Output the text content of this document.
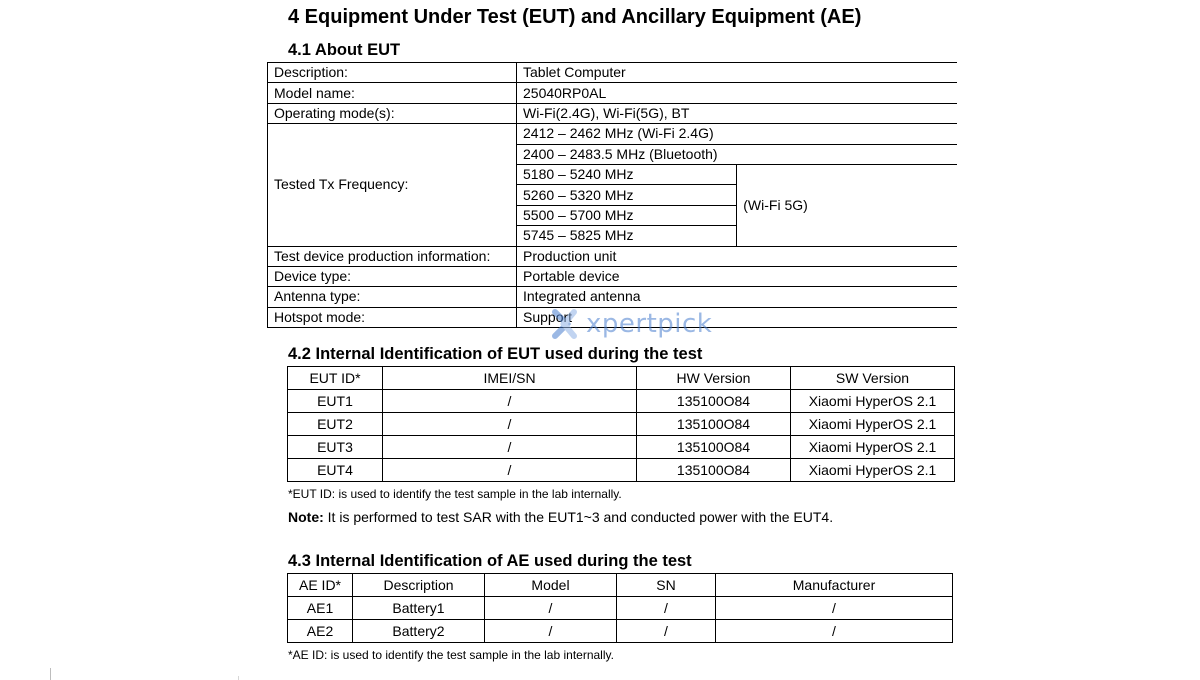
4 Equipment Under Test (EUT) and Ancillary Equipment (AE)
4.1 About EUT
Description:	Tablet Computer	
Model name:	25040RP0AL	
Operating mode(s):	Wi-Fi(2.4G), Wi-Fi(5G), BT	
Tested Tx Frequency:	2412 – 2462 MHz (Wi-Fi 2.4G)	
	2400 – 2483.5 MHz (Bluetooth)	
	5180 – 5240 MHz	(Wi-Fi 5G)
	5260 – 5320 MHz	
	5500 – 5700 MHz	
	5745 – 5825 MHz	
Test device production information:	Production unit	
Device type:	Portable device	
Antenna type:	Integrated antenna	
Hotspot mode:	Support	xpertpick
4.2 Internal Identification of EUT used during the test
EUT ID*	IMEI/SN	HW Version	SW Version
EUT1	/	135100O84	Xiaomi HyperOS 2.1
EUT2	/	135100O84	Xiaomi HyperOS 2.1
EUT3	/	135100O84	Xiaomi HyperOS 2.1
EUT4	/	135100O84	Xiaomi HyperOS 2.1
*EUT ID: is used to identify the test sample in the lab internally.
Note: It is performed to test SAR with the EUT1~3 and conducted power with the EUT4.
4.3 Internal Identification of AE used during the test
AE ID*	Description	Model	SN	Manufacturer
AE1	Battery1	/	/	/
AE2	Battery2	/	/	/
*AE ID: is used to identify the test sample in the lab internally.
